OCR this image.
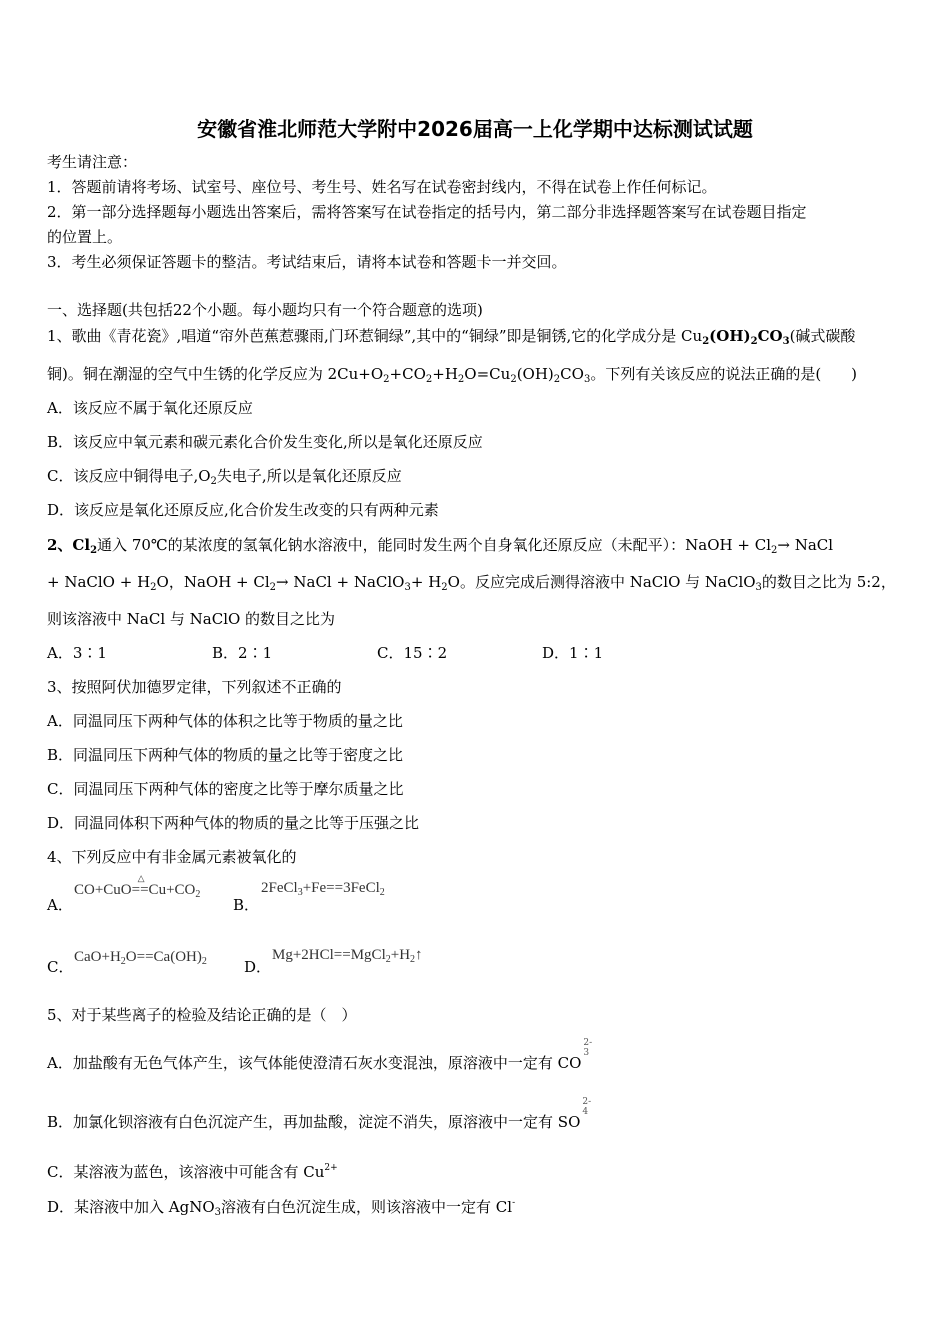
安徽省淮北师范大学附中2026届高一上化学期中达标测试试题
考生请注意：
1．答题前请将考场、试室号、座位号、考生号、姓名写在试卷密封线内，不得在试卷上作任何标记。
2．第一部分选择题每小题选出答案后，需将答案写在试卷指定的括号内，第二部分非选择题答案写在试卷题目指定
的位置上。
3．考生必须保证答题卡的整洁。考试结束后，请将本试卷和答题卡一并交回。
一、选择题(共包括22个小题。每小题均只有一个符合题意的选项)
1、歌曲《青花瓷》,唱道“帘外芭蕉惹骤雨,门环惹铜绿”,其中的“铜绿”即是铜锈,它的化学成分是 $Cu_2(OH)_2CO_3$(碱式碳酸
铜)。铜在潮湿的空气中生锈的化学反应为 $2Cu+O_2+CO_2+H_2O=Cu_2(OH)_2CO_3$。下列有关该反应的说法正确的是(　　)
A．该反应不属于氧化还原反应
B．该反应中氧元素和碳元素化合价发生变化,所以是氧化还原反应
C．该反应中铜得电子$,O_2$失电子,所以是氧化还原反应
D．该反应是氧化还原反应,化合价发生改变的只有两种元素
2、$Cl_2$通入 70℃的某浓度的氢氧化钠水溶液中，能同时发生两个自身氧化还原反应（未配平）：NaOH + $Cl_2\to$ NaCl
+ NaClO + $H_2O$，NaOH + $Cl_2\to$ NaCl + NaClO$_3$+ $H_2O$。反应完成后测得溶液中 NaClO 与 NaClO$_3$的数目之比为 5:2，
则该溶液中 NaCl 与 NaClO 的数目之比为
A．3∶1	B．2∶1	C．15∶2	D．1∶1
3、按照阿伏加德罗定律，下列叙述不正确的
A．同温同压下两种气体的体积之比等于物质的量之比
B．同温同压下两种气体的物质的量之比等于密度之比
C．同温同压下两种气体的密度之比等于摩尔质量之比
D．同温同体积下两种气体的物质的量之比等于压强之比
4、下列反应中有非金属元素被氧化的
A．
CO+CuO
△
$==Cu+CO_2$
B．
2FeCl$_3$+Fe==3FeCl$_2$
C．
$CaO+H_2O==Ca(OH)_2$ D．
$Mg+2HCl==MgCl_2+H_2↑$
5、对于某些离子的检验及结论正确的是（　）
A．加盐酸有无色气体产生，该气体能使澄清石灰水变混浊，原溶液中一定有 CO
2-
3
B．加氯化钡溶液有白色沉淀产生，再加盐酸，淀淀不消失，原溶液中一定有 SO
2-
4
C．某溶液为蓝色，该溶液中可能含有 $Cu^{2+}$
D．某溶液中加入 AgNO$_3$溶液有白色沉淀生成，则该溶液中一定有 Cl-
